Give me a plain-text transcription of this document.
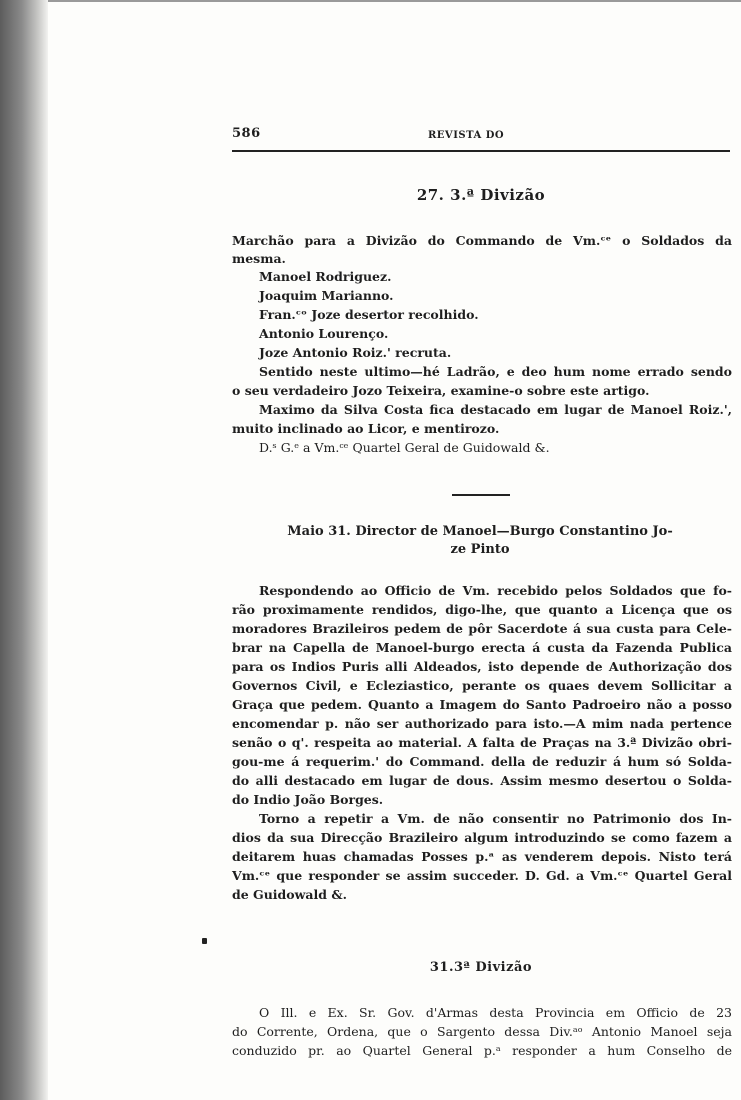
586	REVISTA DO
27. 3.ª Divizão
Marchão para a Divizão do Commando de Vm.ᶜᵉ o Soldados da
mesma.
Manoel Rodriguez.
Joaquim Marianno.
Fran.ᶜᵒ Joze desertor recolhido.
Antonio Lourenço.
Joze Antonio Roiz.' recruta.
Sentido neste ultimo—hé Ladrão, e deo hum nome errado sendo
o seu verdadeiro Jozo Teixeira, examine-o sobre este artigo.
Maximo da Silva Costa fica destacado em lugar de Manoel Roiz.',
muito inclinado ao Licor, e mentirozo.
D.ˢ G.ᵉ a Vm.ᶜᵉ Quartel Geral de Guidowald &.
Maio 31. Director de Manoel—Burgo Constantino Jo-
ze Pinto
Respondendo ao Officio de Vm. recebido pelos Soldados que fo-
rão proximamente rendidos, digo-lhe, que quanto a Licença que os
moradores Brazileiros pedem de pôr Sacerdote á sua custa para Cele-
brar na Capella de Manoel-burgo erecta á custa da Fazenda Publica
para os Indios Puris alli Aldeados, isto depende de Authorização dos
Governos Civil, e Ecleziastico, perante os quaes devem Sollicitar a
Graça que pedem. Quanto a Imagem do Santo Padroeiro não a posso
encomendar p. não ser authorizado para isto.—A mim nada pertence
senão o q'. respeita ao material. A falta de Praças na 3.ª Divizão obri-
gou-me á requerim.' do Command. della de reduzir á hum só Solda-
do alli destacado em lugar de dous. Assim mesmo desertou o Solda-
do Indio João Borges.
Torno a repetir a Vm. de não consentir no Patrimonio dos In-
dios da sua Direcção Brazileiro algum introduzindo se como fazem a
deitarem huas chamadas Posses p.ᵃ as venderem depois. Nisto terá
Vm.ᶜᵉ que responder se assim succeder. D. Gd. a Vm.ᶜᵉ Quartel Geral
de Guidowald &.
31.3ª Divizão
O Ill. e Ex. Sr. Gov. d'Armas desta Provincia em Officio de 23
do Corrente, Ordena, que o Sargento dessa Div.ᵃᵒ Antonio Manoel seja
conduzido pr. ao Quartel General p.ᵃ responder a hum Conselho de
